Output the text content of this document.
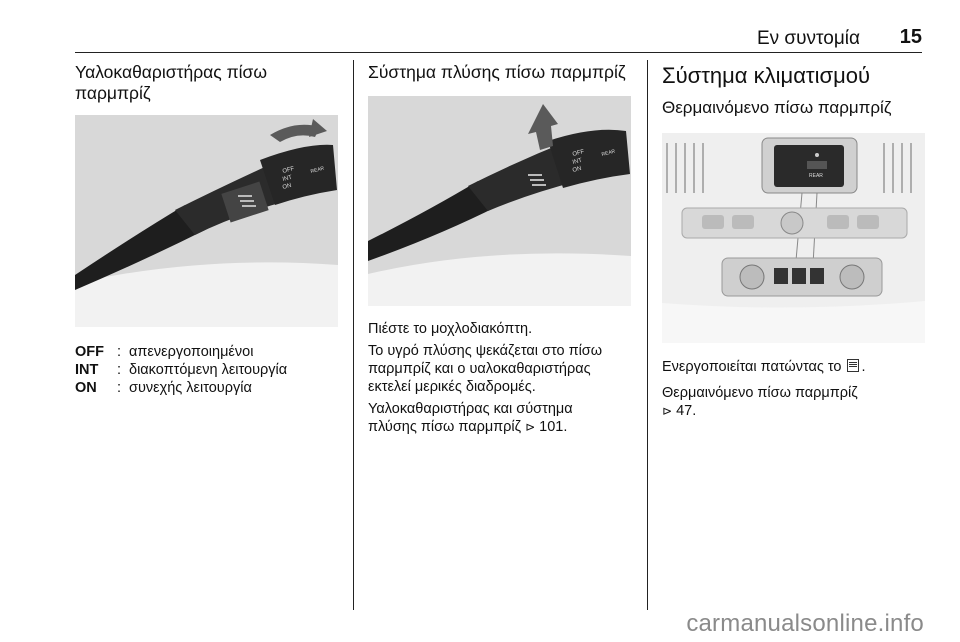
Εν συντομία 15
Υαλοκαθαριστήρας πίσω
παρμπρίζ
OFF
INT
ON
REAR
OFF : απενεργοποιημένοι
INT	: διακοπτόμενη λειτουργία
ON	: συνεχής λειτουργία
Σύστημα πλύσης πίσω παρμπρίζ
OFF
INT
ON
REAR

Πιέστε το μοχλοδιακόπτη.

Το υγρό πλύσης ψεκάζεται στο πίσω
παρμπρίζ και ο υαλοκαθαριστήρας
εκτελεί μερικές διαδρομές.

Υαλοκαθαριστήρας και σύστημα
πλύσης πίσω παρμπρίζ ⊳ 101.

Σύστημα κλιματισμού
Θερμαινόμενο πίσω παρμπρίζ
REAR

Ενεργοποιείται πατώντας το .

Θερμαινόμενο πίσω παρμπρίζ
⊳ 47.

carmanualsonline.info
